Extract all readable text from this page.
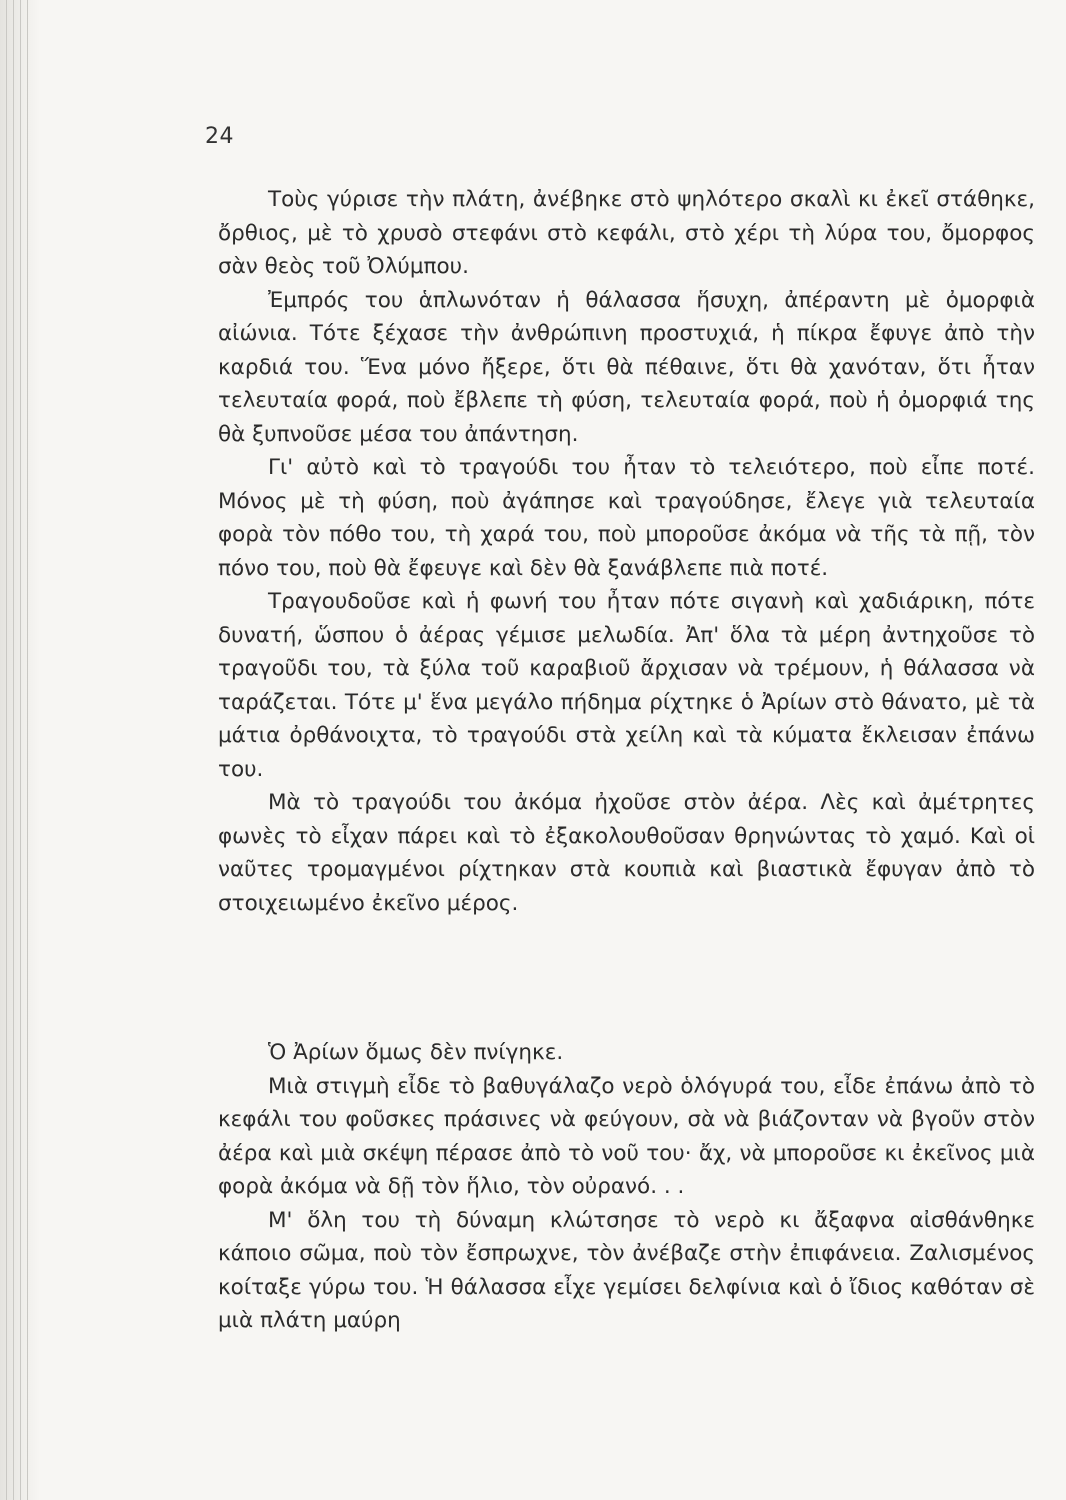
24

Τοὺς γύρισε τὴν πλάτη, ἀνέβηκε στὸ ψηλότερο σκαλὶ κι ἐκεῖ στάθηκε, ὄρθιος, μὲ τὸ χρυσὸ στεφάνι στὸ κεφάλι, στὸ χέρι τὴ λύρα του, ὄμορφος σὰν θεὸς τοῦ Ὀλύμπου.

Ἐμπρός του ἁπλωνόταν ἡ θάλασσα ἥσυχη, ἀπέραντη μὲ ὀμορφιὰ αἰώνια. Τότε ξέχασε τὴν ἀνθρώπινη προστυχιά, ἡ πίκρα ἔφυγε ἀπὸ τὴν καρδιά του. Ἕνα μόνο ἤξερε, ὅτι θὰ πέθαινε, ὅτι θὰ χανόταν, ὅτι ἦταν τελευταία φορά, ποὺ ἔβλεπε τὴ φύση, τελευταία φορά, ποὺ ἡ ὀμορφιά της θὰ ξυπνοῦσε μέσα του ἀπάντηση.

Γι' αὐτὸ καὶ τὸ τραγούδι του ἦταν τὸ τελειότερο, ποὺ εἶπε ποτέ. Μόνος μὲ τὴ φύση, ποὺ ἀγάπησε καὶ τραγούδησε, ἔλεγε γιὰ τελευταία φορὰ τὸν πόθο του, τὴ χαρά του, ποὺ μποροῦσε ἀκόμα νὰ τῆς τὰ πῇ, τὸν πόνο του, ποὺ θὰ ἔφευγε καὶ δὲν θὰ ξανάβλεπε πιὰ ποτέ.

Τραγουδοῦσε καὶ ἡ φωνή του ἦταν πότε σιγανὴ καὶ χαδιάρικη, πότε δυνατή, ὥσπου ὁ ἀέρας γέμισε μελωδία. Ἀπ' ὅλα τὰ μέρη ἀντηχοῦσε τὸ τραγοῦδι του, τὰ ξύλα τοῦ καραβιοῦ ἄρχισαν νὰ τρέμουν, ἡ θάλασσα νὰ ταράζεται. Τότε μ' ἕνα μεγάλο πήδημα ρίχτηκε ὁ Ἀρίων στὸ θάνατο, μὲ τὰ μάτια ὀρθάνοιχτα, τὸ τραγούδι στὰ χείλη καὶ τὰ κύματα ἔκλεισαν ἐπάνω του.

Μὰ τὸ τραγούδι του ἀκόμα ἠχοῦσε στὸν ἀέρα. Λὲς καὶ ἀμέτρητες φωνὲς τὸ εἶχαν πάρει καὶ τὸ ἐξακολουθοῦσαν θρηνώντας τὸ χαμό. Καὶ οἱ ναῦτες τρομαγμένοι ρίχτηκαν στὰ κουπιὰ καὶ βιαστικὰ ἔφυγαν ἀπὸ τὸ στοιχειωμένο ἐκεῖνο μέρος.

Ὁ Ἀρίων ὅμως δὲν πνίγηκε.

Μιὰ στιγμὴ εἶδε τὸ βαθυγάλαζο νερὸ ὁλόγυρά του, εἶδε ἐπάνω ἀπὸ τὸ κεφάλι του φοῦσκες πράσινες νὰ φεύγουν, σὰ νὰ βιάζονταν νὰ βγοῦν στὸν ἀέρα καὶ μιὰ σκέψη πέρασε ἀπὸ τὸ νοῦ του· ἄχ, νὰ μποροῦσε κι ἐκεῖνος μιὰ φορὰ ἀκόμα νὰ δῇ τὸν ἥλιο, τὸν οὐρανό. . .

Μ' ὅλη του τὴ δύναμη κλώτσησε τὸ νερὸ κι ἄξαφνα αἰσθάνθηκε κάποιο σῶμα, ποὺ τὸν ἔσπρωχνε, τὸν ἀνέβαζε στὴν ἐπιφάνεια. Ζαλισμένος κοίταξε γύρω του. Ἡ θάλασσα εἶχε γεμίσει δελφίνια καὶ ὁ ἴδιος καθόταν σὲ μιὰ πλάτη μαύρη
